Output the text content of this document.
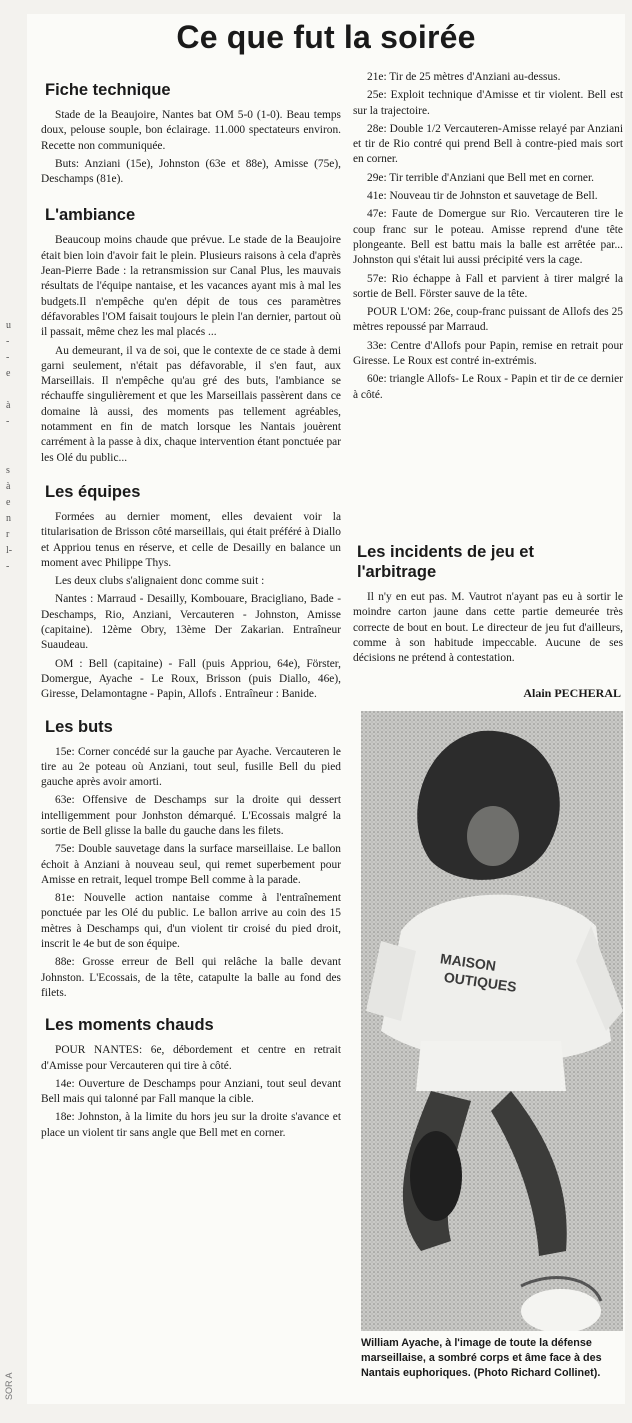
u
-
-
e
à
-
s
à
e
n
r
l-
-
SOR A
Ce que fut la soirée
Fiche technique

Stade de la Beaujoire, Nantes bat OM 5-0 (1-0). Beau temps doux, pelouse souple, bon éclairage. 11.000 spectateurs environ. Recette non communiquée.

Buts: Anziani (15e), Johnston (63e et 88e), Amisse (75e), Deschamps (81e).

L'ambiance

Beaucoup moins chaude que prévue. Le stade de la Beaujoire était bien loin d'avoir fait le plein. Plusieurs raisons à cela d'après Jean-Pierre Bade : la retransmission sur Canal Plus, les mauvais résultats de l'équipe nantaise, et les vacances ayant mis à mal les budgets.Il n'empêche qu'en dépit de tous ces paramètres défavorables l'OM faisait toujours le plein l'an dernier, partout où il passait, même chez les mal placés ...

Au demeurant, il va de soi, que le contexte de ce stade à demi garni seulement, n'était pas défavorable, il s'en faut, aux Marseillais. Il n'empêche qu'au gré des buts, l'ambiance se réchauffe singulièrement et que les Marseillais passèrent dans ce domaine là aussi, des moments pas tellement agréables, notamment en fin de match lorsque les Nantais jouèrent carrément à la passe à dix, chaque intervention étant ponctuée par les Olé du public...

Les équipes

Formées au dernier moment, elles devaient voir la titularisation de Brisson côté marseillais, qui était préféré à Diallo et Appriou tenus en réserve, et celle de Desailly en balance un moment avec Philippe Thys.

Les deux clubs s'alignaient donc comme suit :

Nantes : Marraud - Desailly, Kombouare, Bracigliano, Bade - Deschamps, Rio, Anziani, Vercauteren - Johnston, Amisse (capitaine). 12ème Obry, 13ème Der Zakarian. Entraîneur Suaudeau.

OM : Bell (capitaine) - Fall (puis Appriou, 64e), Förster, Domergue, Ayache - Le Roux, Brisson (puis Diallo, 46e), Giresse, Delamontagne - Papin, Allofs . Entraîneur : Banide.

Les buts

15e: Corner concédé sur la gauche par Ayache. Vercauteren le tire au 2e poteau où Anziani, tout seul, fusille Bell du pied gauche après avoir amorti.

63e: Offensive de Deschamps sur la droite qui dessert intelligemment pour Jonhston démarqué. L'Ecossais malgré la sortie de Bell glisse la balle du gauche dans les filets.

75e: Double sauvetage dans la surface marseillaise. Le ballon échoit à Anziani à nouveau seul, qui remet superbement pour Amisse en retrait, lequel trompe Bell comme à la parade.

81e: Nouvelle action nantaise comme à l'entraînement ponctuée par les Olé du public. Le ballon arrive au coin des 15 mètres à Deschamps qui, d'un violent tir croisé du pied droit, inscrit le 4e but de son équipe.

88e: Grosse erreur de Bell qui relâche la balle devant Johnston. L'Ecossais, de la tête, catapulte la balle au fond des filets.

Les moments chauds

POUR NANTES: 6e, débordement et centre en retrait d'Amisse pour Vercauteren qui tire à côté.

14e: Ouverture de Deschamps pour Anziani, tout seul devant Bell mais qui talonné par Fall manque la cible.

18e: Johnston, à la limite du hors jeu sur la droite s'avance et place un violent tir sans angle que Bell met en corner.

21e: Tir de 25 mètres d'Anziani au-dessus.

25e: Exploit technique d'Amisse et tir violent. Bell est sur la trajectoire.

28e: Double 1/2 Vercauteren-Amisse relayé par Anziani et tir de Rio contré qui prend Bell à contre-pied mais sort en corner.

29e: Tir terrible d'Anziani que Bell met en corner.

41e: Nouveau tir de Johnston et sauvetage de Bell.

47e: Faute de Domergue sur Rio. Vercauteren tire le coup franc sur le poteau. Amisse reprend d'une tête plongeante. Bell est battu mais la balle est arrêtée par... Johnston qui s'était lui aussi précipité vers la cage.

57e: Rio échappe à Fall et parvient à tirer malgré la sortie de Bell. Förster sauve de la tête.

POUR L'OM: 26e, coup-franc puissant de Allofs des 25 mètres repoussé par Marraud.

33e: Centre d'Allofs pour Papin, remise en retrait pour Giresse. Le Roux est contré in-extrémis.

60e: triangle Allofs- Le Roux - Papin et tir de ce dernier à côté.

Les incidents de jeu et
l'arbitrage

Il n'y en eut pas. M. Vautrot n'ayant pas eu à sortir le moindre carton jaune dans cette partie demeurée très correcte de bout en bout. Le directeur de jeu fut d'ailleurs, comme à son habitude impeccable. Aucune de ses décisions ne prétend à contestation.

Alain PECHERAL
MAISON
OUTIQUES
William Ayache, à l'image de toute la défense marseillaise, a sombré corps et âme face à des Nantais euphoriques. (Photo Richard Collinet).
